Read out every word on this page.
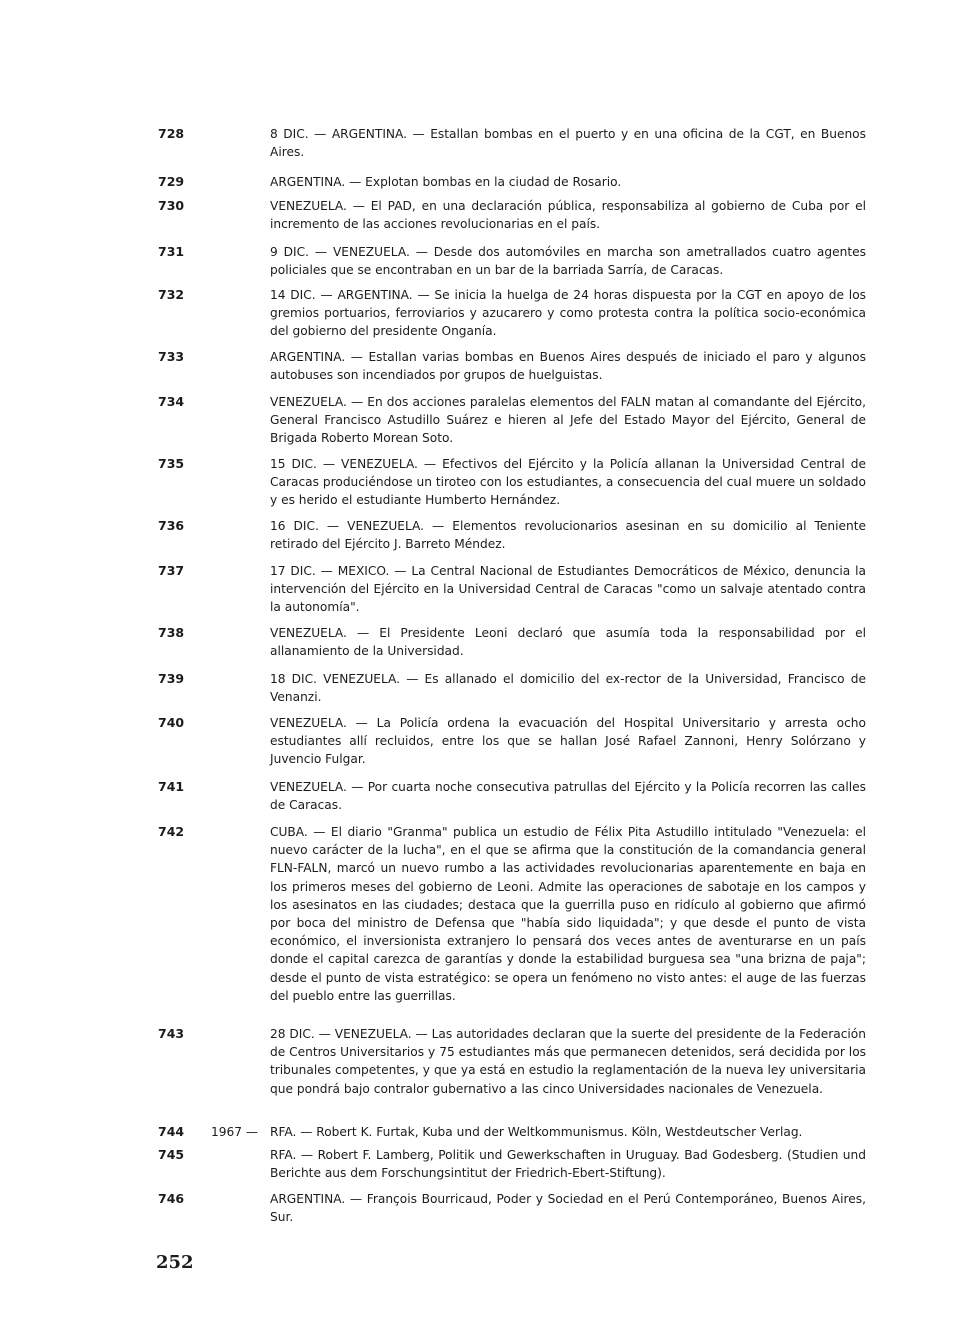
728	8 DIC. — ARGENTINA. — Estallan bombas en el puerto y en una oficina de la CGT, en Buenos Aires.
729	ARGENTINA. — Explotan bombas en la ciudad de Rosario.
730	VENEZUELA. — El PAD, en una declaración pública, responsabiliza al gobierno de Cuba por el incremento de las acciones revolucionarias en el país.
731	9 DIC. — VENEZUELA. — Desde dos automóviles en marcha son ametrallados cuatro agentes policiales que se encontraban en un bar de la barriada Sarría, de Caracas.
732	14 DIC. — ARGENTINA. — Se inicia la huelga de 24 horas dispuesta por la CGT en apoyo de los gremios portuarios, ferroviarios y azucarero y como protesta contra la política socio-económica del gobierno del presidente Onganía.
733	ARGENTINA. — Estallan varias bombas en Buenos Aires después de iniciado el paro y algunos autobuses son incendiados por grupos de huelguistas.
734	VENEZUELA. — En dos acciones paralelas elementos del FALN matan al comandante del Ejército, General Francisco Astudillo Suárez e hieren al Jefe del Estado Mayor del Ejército, General de Brigada Roberto Morean Soto.
735	15 DIC. — VENEZUELA. — Efectivos del Ejército y la Policía allanan la Universidad Central de Caracas produciéndose un tiroteo con los estudiantes, a consecuencia del cual muere un soldado y es herido el estudiante Humberto Hernández.
736	16 DIC. — VENEZUELA. — Elementos revolucionarios asesinan en su domicilio al Teniente retirado del Ejército J. Barreto Méndez.
737	17 DIC. — MEXICO. — La Central Nacional de Estudiantes Democráticos de México, denuncia la intervención del Ejército en la Universidad Central de Caracas "como un salvaje atentado contra la autonomía".
738	VENEZUELA. — El Presidente Leoni declaró que asumía toda la responsabilidad por el allanamiento de la Universidad.
739	18 DIC. VENEZUELA. — Es allanado el domicilio del ex-rector de la Universidad, Francisco de Venanzi.
740	VENEZUELA. — La Policía ordena la evacuación del Hospital Universitario y arresta ocho estudiantes allí recluidos, entre los que se hallan José Rafael Zannoni, Henry Solórzano y Juvencio Fulgar.
741	VENEZUELA. — Por cuarta noche consecutiva patrullas del Ejército y la Policía recorren las calles de Caracas.
742	CUBA. — El diario "Granma" publica un estudio de Félix Pita Astudillo intitulado "Venezuela: el nuevo carácter de la lucha", en el que se afirma que la constitución de la comandancia general FLN-FALN, marcó un nuevo rumbo a las actividades revolucionarias aparentemente en baja en los primeros meses del gobierno de Leoni. Admite las operaciones de sabotaje en los campos y los asesinatos en las ciudades; destaca que la guerrilla puso en ridículo al gobierno que afirmó por boca del ministro de Defensa que "había sido liquidada"; y que desde el punto de vista económico, el inversionista extranjero lo pensará dos veces antes de aventurarse en un país donde el capital carezca de garantías y donde la estabilidad burguesa sea "una brizna de paja"; desde el punto de vista estratégico: se opera un fenómeno no visto antes: el auge de las fuerzas del pueblo entre las guerrillas.
743	28 DIC. — VENEZUELA. — Las autoridades declaran que la suerte del presidente de la Federación de Centros Universitarios y 75 estudiantes más que permanecen detenidos, será decidida por los tribunales competentes, y que ya está en estudio la reglamentación de la nueva ley universitaria que pondrá bajo contralor gubernativo a las cinco Universidades nacionales de Venezuela.
744	1967 — RFA. — Robert K. Furtak, Kuba und der Weltkommunismus. Köln, Westdeutscher Verlag.
745	RFA. — Robert F. Lamberg, Politik und Gewerkschaften in Uruguay. Bad Godesberg. (Studien und Berichte aus dem Forschungsintitut der Friedrich-Ebert-Stiftung).
746	ARGENTINA. — François Bourricaud, Poder y Sociedad en el Perú Contemporáneo, Buenos Aires, Sur.
252
